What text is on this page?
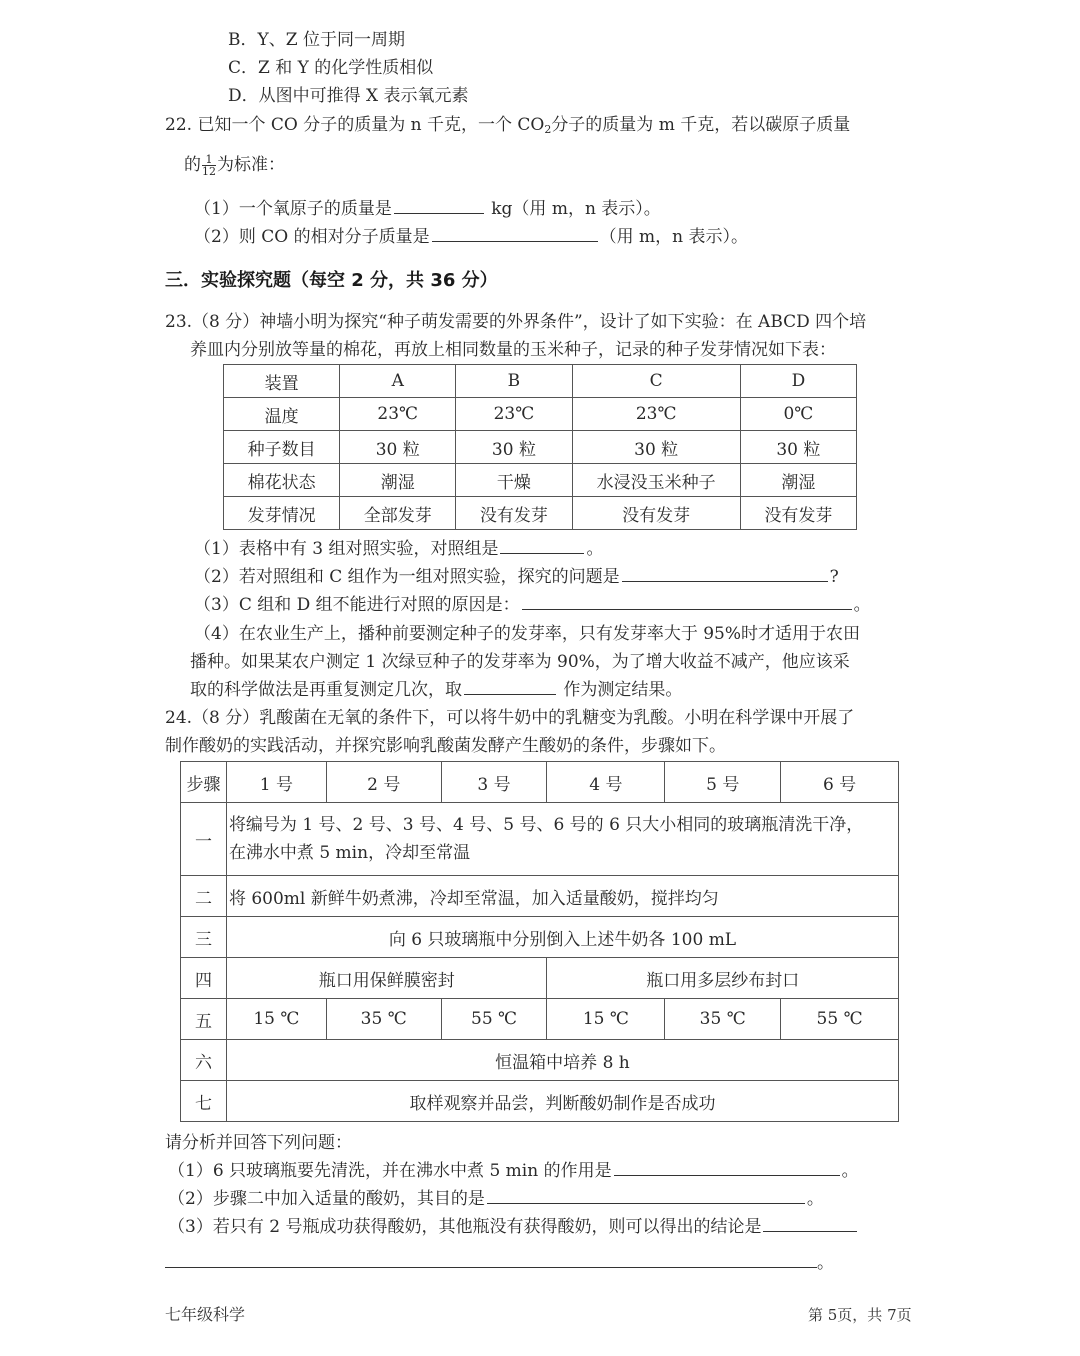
B．Y、Z 位于同一周期
C．Z 和 Y 的化学性质相似
D．从图中可推得 X 表示氧元素
22. 已知一个 CO 分子的质量为 n 千克，一个 $CO_2$分子的质量为 m 千克，若以碳原子质量
的 $\frac{1}{12}$ 为标准：
（1）一个氧原子的质量是	kg（用 m，n 表示）。
（2）则 CO 的相对分子质量是	（用 m，n 表示）。
三．实验探究题（每空 2 分，共 36 分）
23.（8 分）神墙小明为探究“种子萌发需要的外界条件”，设计了如下实验：在 ABCD 四个培
养皿内分别放等量的棉花，再放上相同数量的玉米种子，记录的种子发芽情况如下表：
装置	A	B	C	D
温度	23℃	23℃	23℃	0℃
种子数目	30 粒	30 粒	30 粒	30 粒
棉花状态	潮湿	干燥	水浸没玉米种子	潮湿
发芽情况	全部发芽	没有发芽	没有发芽	没有发芽
（1）表格中有 3 组对照实验，对照组是	。
（2）若对照组和 C 组作为一组对照实验，探究的问题是	?
（3）C 组和 D 组不能进行对照的原因是：	。
（4）在农业生产上，播种前要测定种子的发芽率，只有发芽率大于 95%时才适用于农田
播种。如果某农户测定 1 次绿豆种子的发芽率为 90%，为了增大收益不减产，他应该采
取的科学做法是再重复测定几次，取	作为测定结果。
24.（8 分）乳酸菌在无氧的条件下，可以将牛奶中的乳糖变为乳酸。小明在科学课中开展了
制作酸奶的实践活动，并探究影响乳酸菌发酵产生酸奶的条件，步骤如下。
步骤	1 号	2 号	3 号	4 号	5 号	6 号
一	将编号为 1 号、2 号、3 号、4 号、5 号、6 号的 6 只大小相同的玻璃瓶清洗干净，
在沸水中煮 5 min，冷却至常温					

二	将 600ml 新鲜牛奶煮沸，冷却至常温，加入适量酸奶，搅拌均匀					
三	向 6 只玻璃瓶中分别倒入上述牛奶各 100 mL					
四	瓶口用保鲜膜密封			瓶口用多层纱布封口		
五	15 ℃	35 ℃	55 ℃	15 ℃	35 ℃	55 ℃
六	恒温箱中培养 8 h					
七	取样观察并品尝，判断酸奶制作是否成功					
请分析并回答下列问题：
（1）6 只玻璃瓶要先清洗，并在沸水中煮 5 min 的作用是	。
（2）步骤二中加入适量的酸奶，其目的是	。
（3）若只有 2 号瓶成功获得酸奶，其他瓶没有获得酸奶，则可以得出的结论是
。
七年级科学	第 5页，共 7页
